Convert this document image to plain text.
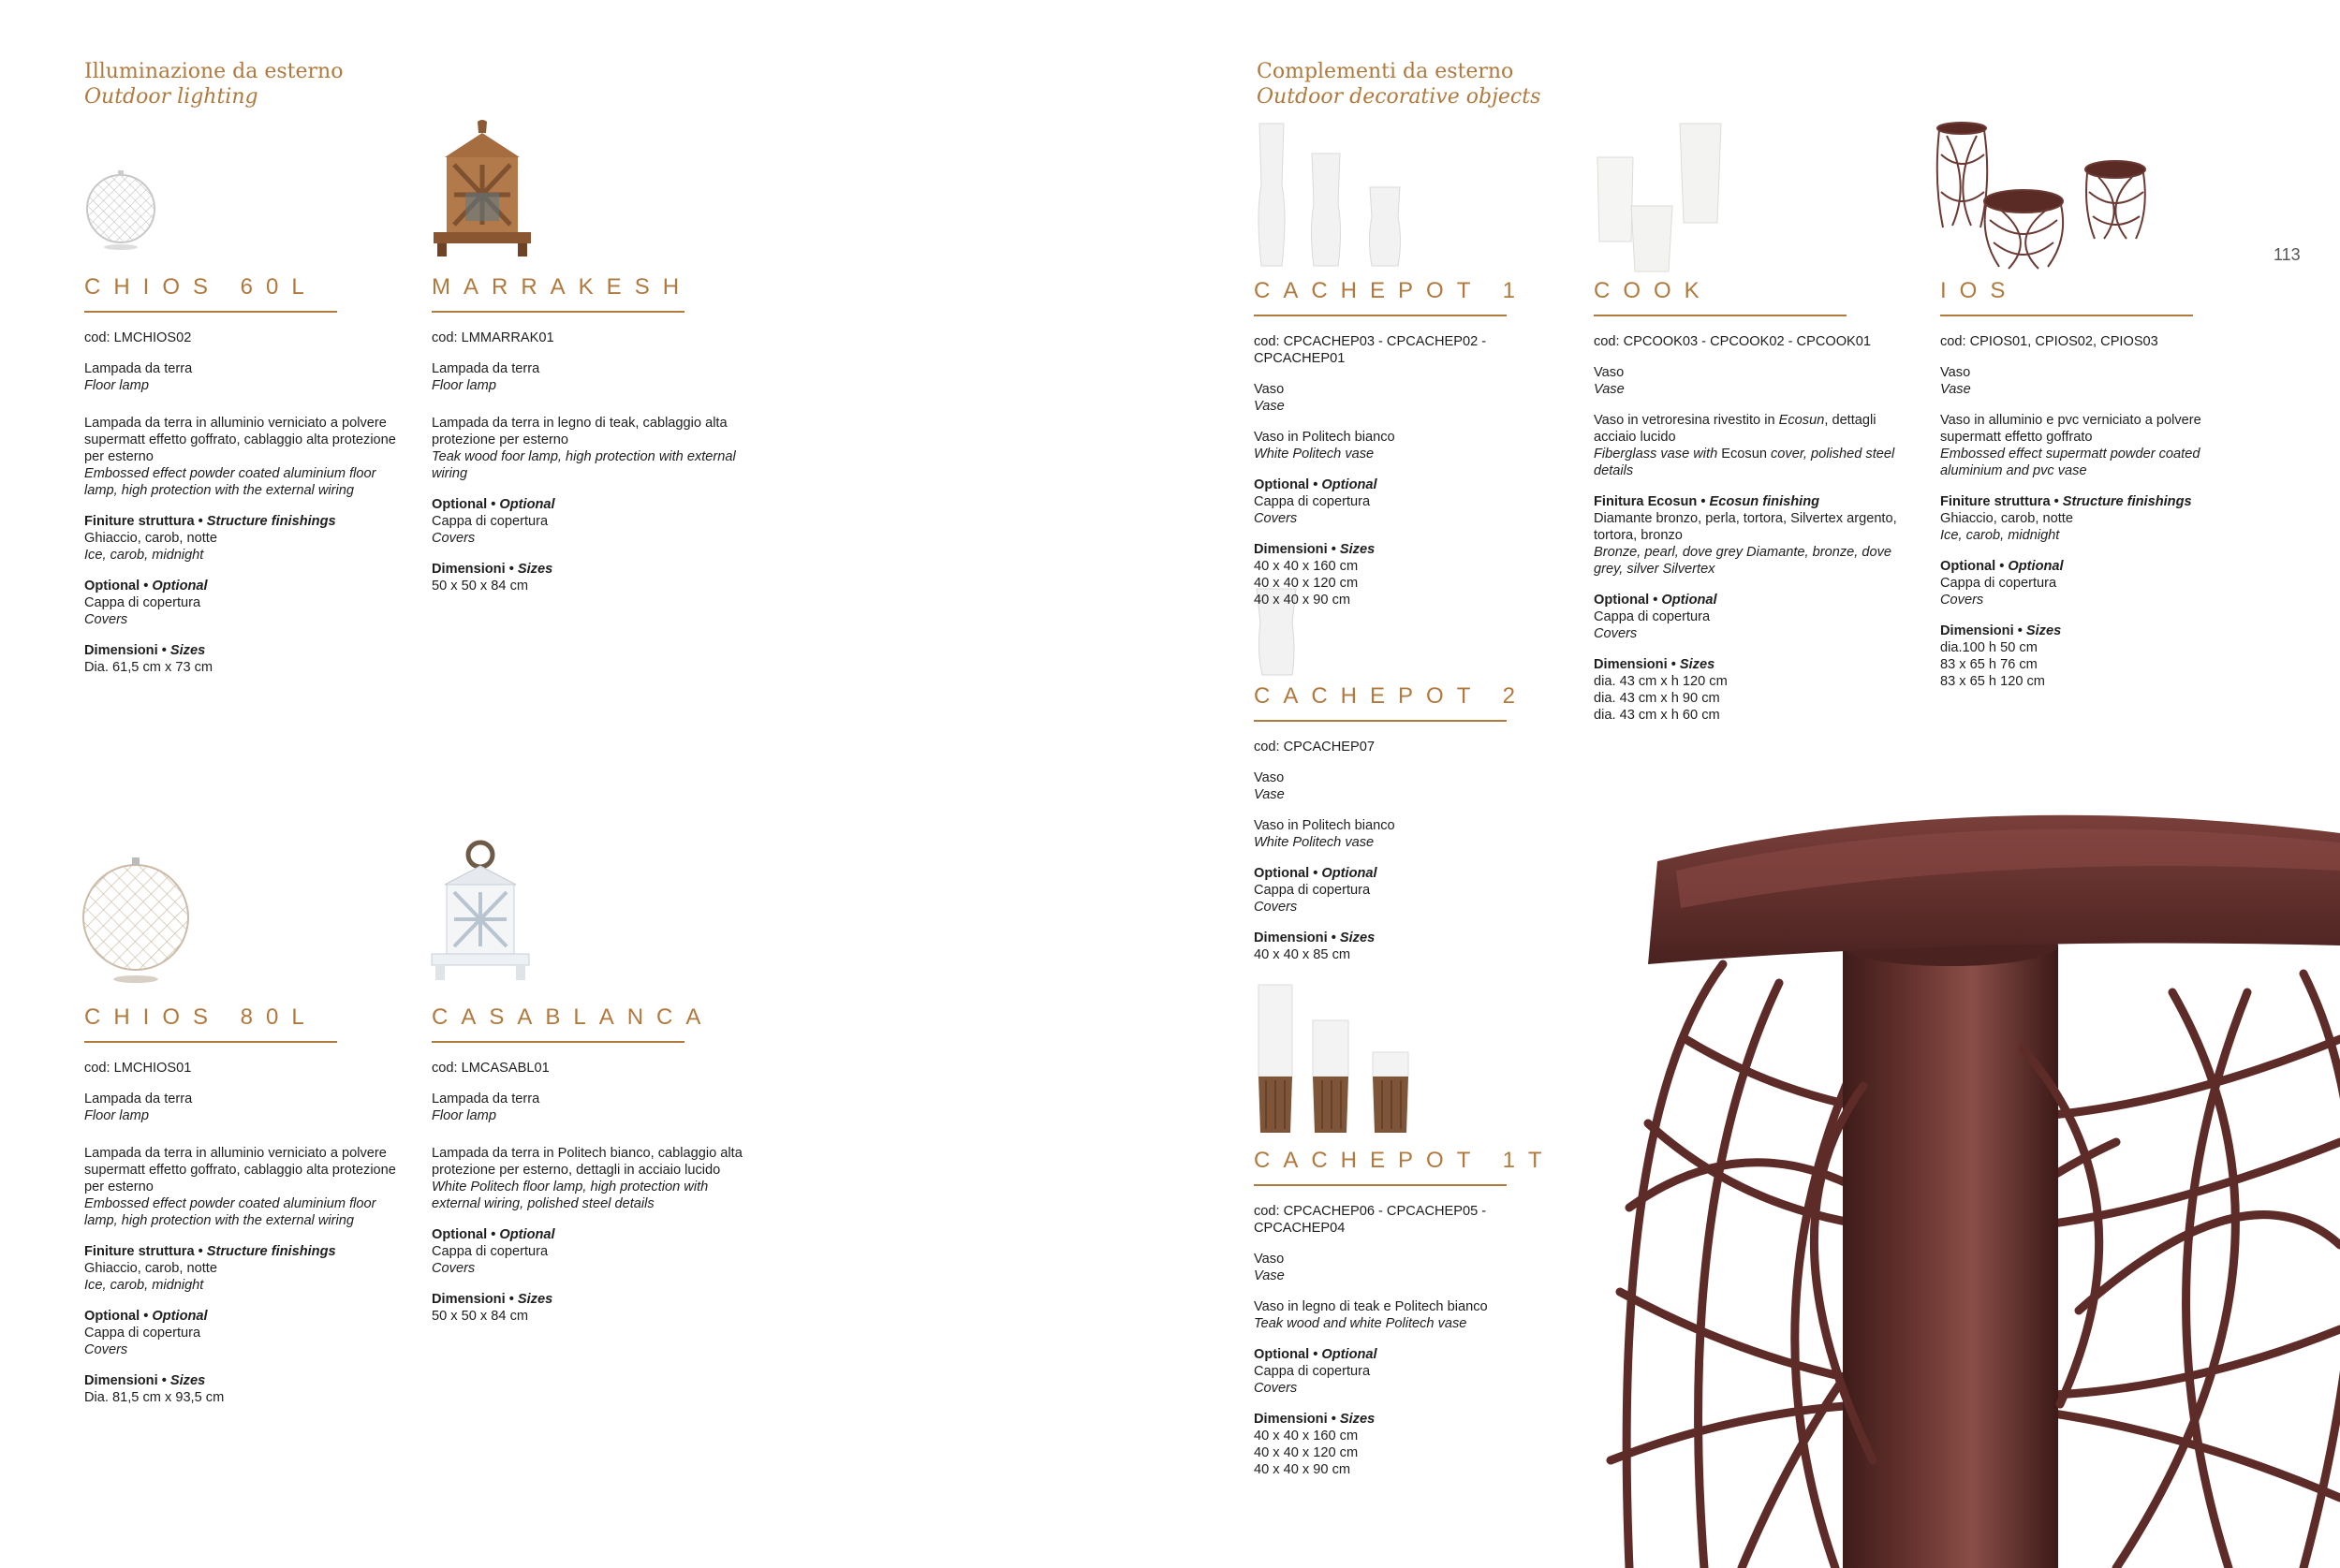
Illuminazione da esterno
Outdoor lighting
Complementi da esterno
Outdoor decorative objects
113
CHIOS 60L
cod: LMCHIOS02
Lampada da terra
Floor lamp
Lampada da terra in alluminio verniciato a polvere supermatt effetto goffrato, cablaggio alta protezione per esterno
Embossed effect powder coated aluminium floor lamp, high protection with the external wiring
Finiture struttura • Structure finishings
Ghiaccio, carob, notte
Ice, carob, midnight
Optional • Optional
Cappa di copertura
Covers
Dimensioni • Sizes
Dia. 61,5 cm x 73 cm
MARRAKESH
cod: LMMARRAK01
Lampada da terra
Floor lamp
Lampada da terra in legno di teak, cablaggio alta protezione per esterno
Teak wood foor lamp, high protection with external wiring
Optional • Optional
Cappa di copertura
Covers
Dimensioni • Sizes
50 x 50 x 84 cm
CHIOS 80L
cod: LMCHIOS01
Lampada da terra
Floor lamp
Lampada da terra in alluminio verniciato a polvere supermatt effetto goffrato, cablaggio alta protezione per esterno
Embossed effect powder coated aluminium floor lamp, high protection with the external wiring
Finiture struttura • Structure finishings
Ghiaccio, carob, notte
Ice, carob, midnight
Optional • Optional
Cappa di copertura
Covers
Dimensioni • Sizes
Dia. 81,5 cm x 93,5 cm
CASABLANCA
cod: LMCASABL01
Lampada da terra
Floor lamp
Lampada da terra in Politech bianco, cablaggio alta protezione per esterno, dettagli in acciaio lucido
White Politech floor lamp, high protection with external wiring, polished steel details
Optional • Optional
Cappa di copertura
Covers
Dimensioni • Sizes
50 x 50 x 84 cm
CACHEPOT 1
cod: CPCACHEP03 - CPCACHEP02 - CPCACHEP01
Vaso
Vase
Vaso in Politech bianco
White Politech vase
Optional • Optional
Cappa di copertura
Covers
Dimensioni • Sizes
40 x 40 x 160 cm
40 x 40 x 120 cm
40 x 40 x 90 cm
CACHEPOT 2
cod: CPCACHEP07
Vaso
Vase
Vaso in Politech bianco
White Politech vase
Optional • Optional
Cappa di copertura
Covers
Dimensioni • Sizes
40 x 40 x 85 cm
CACHEPOT 1T
cod: CPCACHEP06 - CPCACHEP05 - CPCACHEP04
Vaso
Vase
Vaso in legno di teak e Politech bianco
Teak wood and white Politech vase
Optional • Optional
Cappa di copertura
Covers
Dimensioni • Sizes
40 x 40 x 160 cm
40 x 40 x 120 cm
40 x 40 x 90 cm
COOK
cod: CPCOOK03 - CPCOOK02 - CPCOOK01
Vaso
Vase
Vaso in vetroresina rivestito in Ecosun, dettagli acciaio lucido
Fiberglass vase with Ecosun cover, polished steel details
Finitura Ecosun • Ecosun finishing
Diamante bronzo, perla, tortora, Silvertex argento, tortora, bronzo
Bronze, pearl, dove grey Diamante, bronze, dove grey, silver Silvertex
Optional • Optional
Cappa di copertura
Covers
Dimensioni • Sizes
dia. 43 cm x h 120 cm
dia. 43 cm x h 90 cm
dia. 43 cm x h 60 cm
IOS
cod: CPIOS01, CPIOS02, CPIOS03
Vaso
Vase
Vaso in alluminio e pvc verniciato a polvere supermatt effetto goffrato
Embossed effect supermatt powder coated aluminium and pvc vase
Finiture struttura • Structure finishings
Ghiaccio, carob, notte
Ice, carob, midnight
Optional • Optional
Cappa di copertura
Covers
Dimensioni • Sizes
dia.100 h 50 cm
83 x 65 h 76 cm
83 x 65 h 120 cm
